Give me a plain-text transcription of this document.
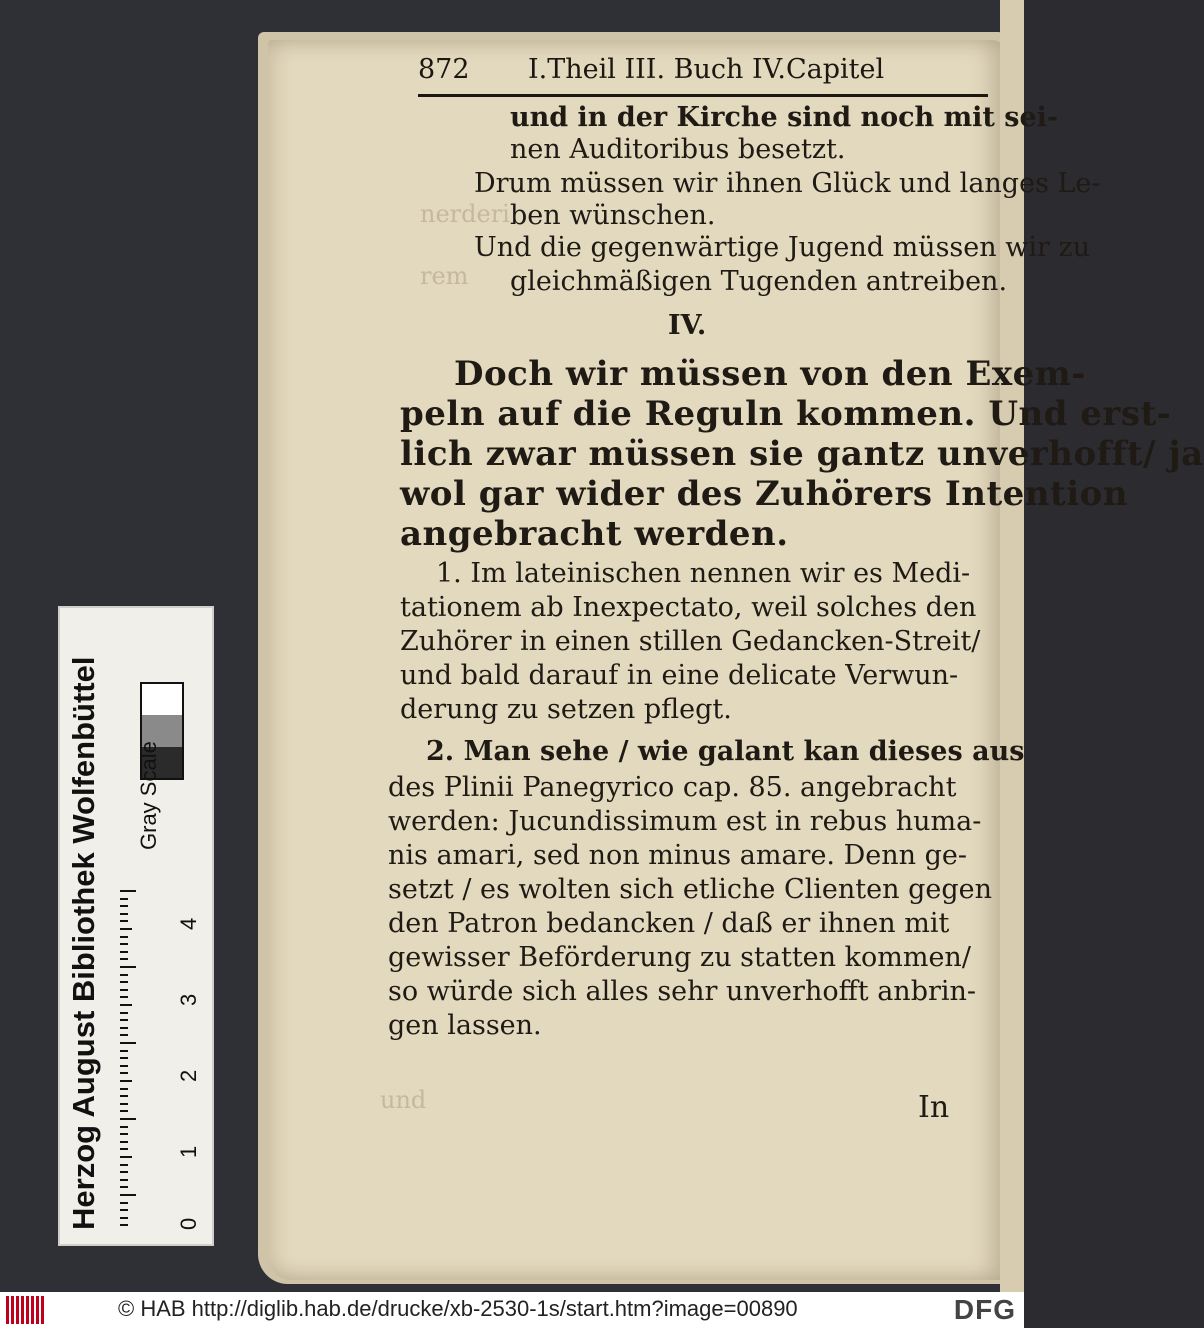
nerderi
rem
und
872 I.Theil III. Buch IV.Capitel
und in der Kirche sind noch mit sei-
nen Auditoribus besetzt.
Drum müssen wir ihnen Glück und langes Le-
ben wünschen.
Und die gegenwärtige Jugend müssen wir zu
gleichmäßigen Tugenden antreiben.
IV.
Doch wir müssen von den Exem-
peln auf die Reguln kommen. Und erst-
lich zwar müssen sie gantz unverhofft/ ja
wol gar wider des Zuhörers Intention
angebracht werden.
1. Im lateinischen nennen wir es Medi-
tationem ab Inexpectato, weil solches den
Zuhörer in einen stillen Gedancken-Streit/
und bald darauf in eine delicate Verwun-
derung zu setzen pflegt.
2. Man sehe / wie galant kan dieses aus
des Plinii Panegyrico cap. 85. angebracht
werden: Jucundissimum est in rebus huma-
nis amari, sed non minus amare. Denn ge-
setzt / es wolten sich etliche Clienten gegen
den Patron bedancken / daß er ihnen mit
gewisser Beförderung zu statten kommen/
so würde sich alles sehr unverhofft anbrin-
gen lassen.
In
Herzog August Bibliothek Wolfenbüttel Gray Scale
0
1
2
3
4
© HAB http://diglib.hab.de/drucke/xb-2530-1s/start.htm?image=00890	DFG
